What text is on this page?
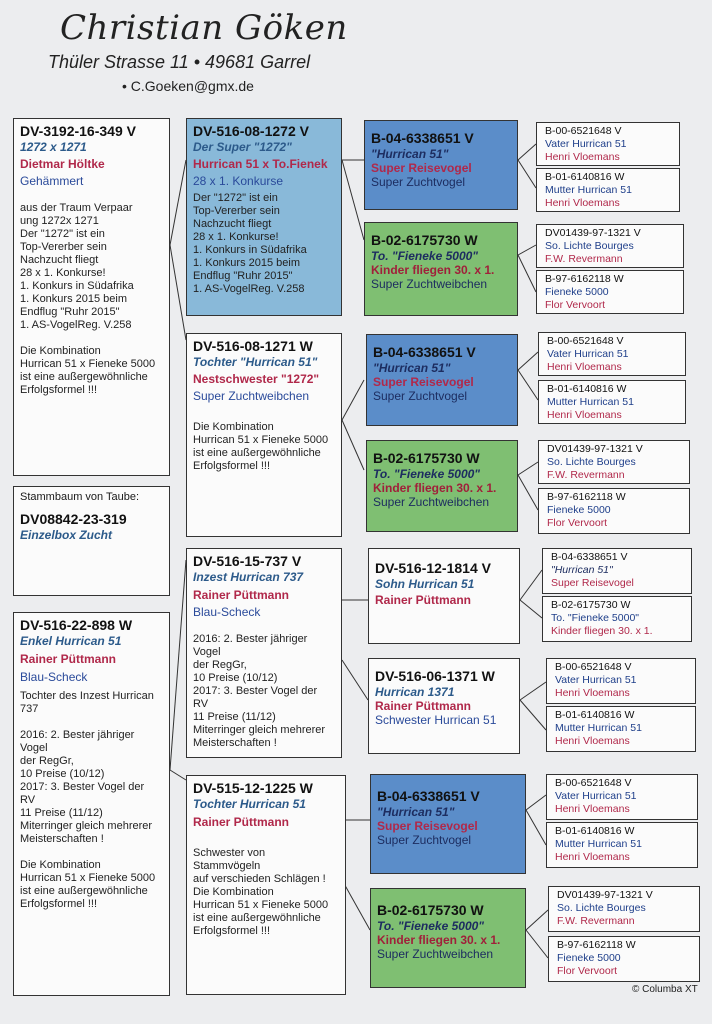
Christian Göken
Thüler Strasse 11 • 49681 Garrel
• C.Goeken@gmx.de
DV-3192-16-349 V
1272 x 1271
Dietmar Höltke
Gehämmert
aus der Traum Verpaar
ung 1272x 1271
Der "1272" ist ein
Top-Vererber sein
Nachzucht fliegt
28 x 1. Konkurse!
1. Konkurs in Südafrika
1. Konkurs 2015 beim
Endflug "Ruhr 2015"
1. AS-VogelReg. V.258

Die Kombination
Hurrican 51 x Fieneke 5000
ist eine außergewöhnliche
Erfolgsformel !!!
Stammbaum von Taube:
DV08842-23-319
Einzelbox Zucht
DV-516-22-898 W
Enkel Hurrican 51
Rainer Püttmann
Blau-Scheck
Tochter des Inzest Hurrican
737

2016: 2. Bester jähriger
Vogel
der RegGr,
10 Preise (10/12)
2017: 3. Bester Vogel der
RV
11 Preise (11/12)
Miterringer gleich mehrerer
Meisterschaften !

Die Kombination
Hurrican 51 x Fieneke 5000
ist eine außergewöhnliche
Erfolgsformel !!!
DV-516-08-1272 V
Der Super "1272"
Hurrican 51 x To.Fienek
28 x 1. Konkurse
Der "1272" ist ein
Top-Vererber sein
Nachzucht fliegt
28 x 1. Konkurse!
1. Konkurs in Südafrika
1. Konkurs 2015 beim
Endflug "Ruhr 2015"
1. AS-VogelReg. V.258
DV-516-08-1271 W
Tochter "Hurrican 51"
Nestschwester "1272"
Super Zuchtweibchen
Die Kombination
Hurrican 51 x Fieneke 5000
ist eine außergewöhnliche
Erfolgsformel !!!
DV-516-15-737 V
Inzest Hurrican 737
Rainer Püttmann
Blau-Scheck
2016: 2. Bester jähriger
Vogel
der RegGr,
10 Preise (10/12)
2017: 3. Bester Vogel der
RV
11 Preise (11/12)
Miterringer gleich mehrerer
Meisterschaften !
DV-515-12-1225 W
Tochter Hurrican 51
Rainer Püttmann
Schwester von
Stammvögeln
auf verschieden Schlägen !
Die Kombination
Hurrican 51 x Fieneke 5000
ist eine außergewöhnliche
Erfolgsformel !!!
B-04-6338651 V
"Hurrican 51"
Super Reisevogel
Super Zuchtvogel
B-02-6175730 W
To. "Fieneke 5000"
Kinder fliegen 30. x 1.
Super Zuchtweibchen
B-04-6338651 V
"Hurrican 51"
Super Reisevogel
Super Zuchtvogel
B-02-6175730 W
To. "Fieneke 5000"
Kinder fliegen 30. x 1.
Super Zuchtweibchen
DV-516-12-1814 V
Sohn Hurrican 51
Rainer Püttmann
DV-516-06-1371 W
Hurrican 1371
Rainer Püttmann
Schwester Hurrican 51
B-04-6338651 V
"Hurrican 51"
Super Reisevogel
Super Zuchtvogel
B-02-6175730 W
To. "Fieneke 5000"
Kinder fliegen 30. x 1.
Super Zuchtweibchen
B-00-6521648 V
Vater Hurrican 51
Henri Vloemans
B-01-6140816 W
Mutter Hurrican 51
Henri Vloemans
DV01439-97-1321 V
So. Lichte Bourges
F.W. Revermann
B-97-6162118 W
Fieneke 5000
Flor Vervoort
B-00-6521648 V
Vater Hurrican 51
Henri Vloemans
B-01-6140816 W
Mutter Hurrican 51
Henri Vloemans
DV01439-97-1321 V
So. Lichte Bourges
F.W. Revermann
B-97-6162118 W
Fieneke 5000
Flor Vervoort
B-04-6338651 V
"Hurrican 51"
Super Reisevogel
B-02-6175730 W
To. "Fieneke 5000"
Kinder fliegen 30. x 1.
B-00-6521648 V
Vater Hurrican 51
Henri Vloemans
B-01-6140816 W
Mutter Hurrican 51
Henri Vloemans
B-00-6521648 V
Vater Hurrican 51
Henri Vloemans
B-01-6140816 W
Mutter Hurrican 51
Henri Vloemans
DV01439-97-1321 V
So. Lichte Bourges
F.W. Revermann
B-97-6162118 W
Fieneke 5000
Flor Vervoort
© Columba XT
